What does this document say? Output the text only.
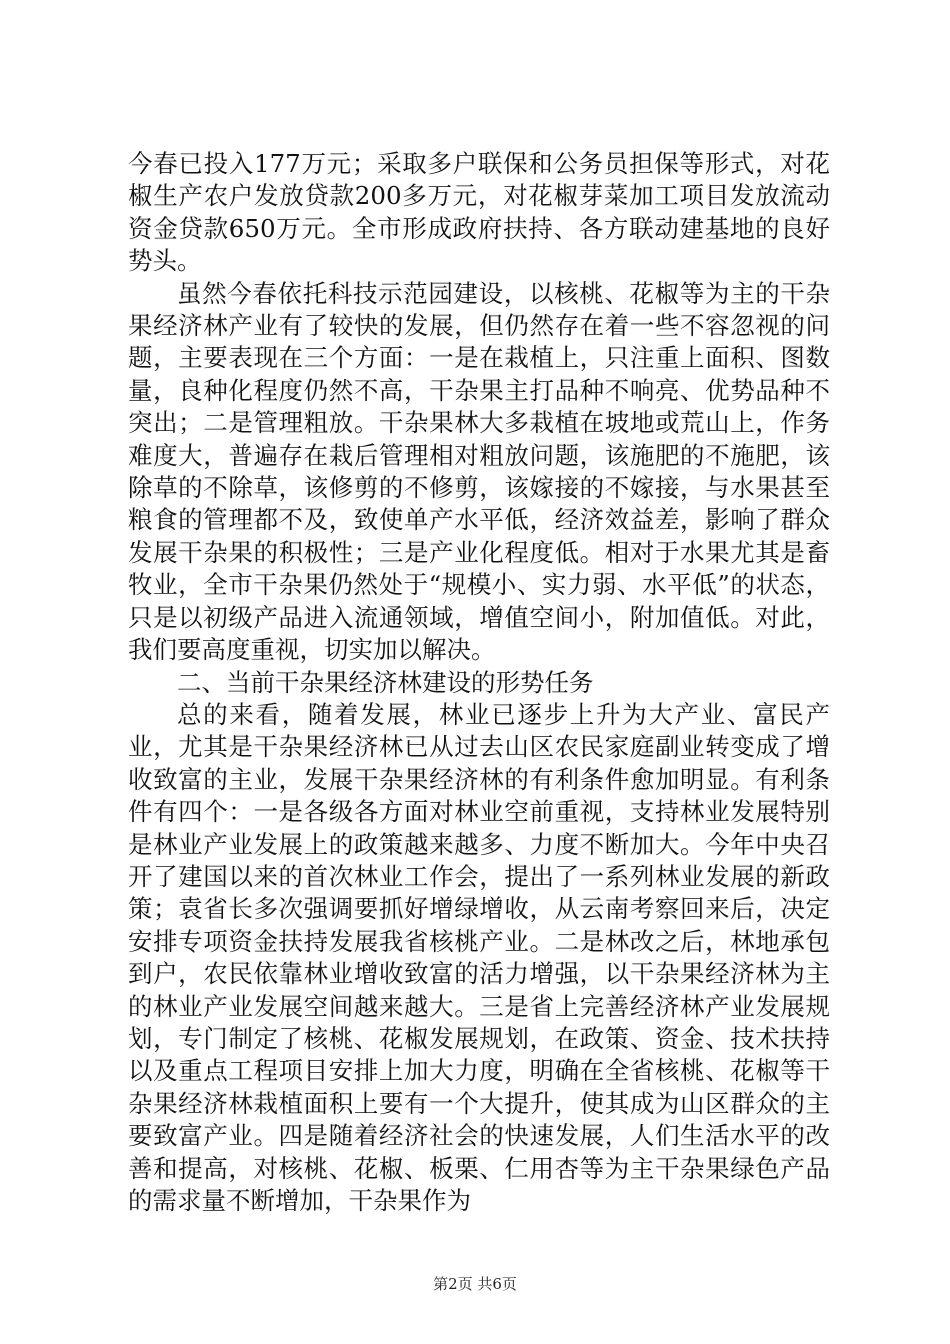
今春已投入177万元；采取多户联保和公务员担保等形式，对花椒生产农户发放贷款200多万元，对花椒芽菜加工项目发放流动资金贷款650万元。全市形成政府扶持、各方联动建基地的良好势头。

虽然今春依托科技示范园建设，以核桃、花椒等为主的干杂果经济林产业有了较快的发展，但仍然存在着一些不容忽视的问题，主要表现在三个方面：一是在栽植上，只注重上面积、图数量，良种化程度仍然不高，干杂果主打品种不响亮、优势品种不突出；二是管理粗放。干杂果林大多栽植在坡地或荒山上，作务难度大，普遍存在栽后管理相对粗放问题，该施肥的不施肥，该除草的不除草，该修剪的不修剪，该嫁接的不嫁接，与水果甚至粮食的管理都不及，致使单产水平低，经济效益差，影响了群众发展干杂果的积极性；三是产业化程度低。相对于水果尤其是畜牧业，全市干杂果仍然处于“规模小、实力弱、水平低”的状态，只是以初级产品进入流通领域，增值空间小，附加值低。对此，我们要高度重视，切实加以解决。

二、当前干杂果经济林建设的形势任务

总的来看，随着发展，林业已逐步上升为大产业、富民产业，尤其是干杂果经济林已从过去山区农民家庭副业转变成了增收致富的主业，发展干杂果经济林的有利条件愈加明显。有利条件有四个：一是各级各方面对林业空前重视，支持林业发展特别是林业产业发展上的政策越来越多、力度不断加大。今年中央召开了建国以来的首次林业工作会，提出了一系列林业发展的新政策；袁省长多次强调要抓好增绿增收，从云南考察回来后，决定安排专项资金扶持发展我省核桃产业。二是林改之后，林地承包到户，农民依靠林业增收致富的活力增强，以干杂果经济林为主的林业产业发展空间越来越大。三是省上完善经济林产业发展规划，专门制定了核桃、花椒发展规划，在政策、资金、技术扶持以及重点工程项目安排上加大力度，明确在全省核桃、花椒等干杂果经济林栽植面积上要有一个大提升，使其成为山区群众的主要致富产业。四是随着经济社会的快速发展，人们生活水平的改善和提高，对核桃、花椒、板栗、仁用杏等为主干杂果绿色产品的需求量不断增加，干杂果作为

第2页 共6页
